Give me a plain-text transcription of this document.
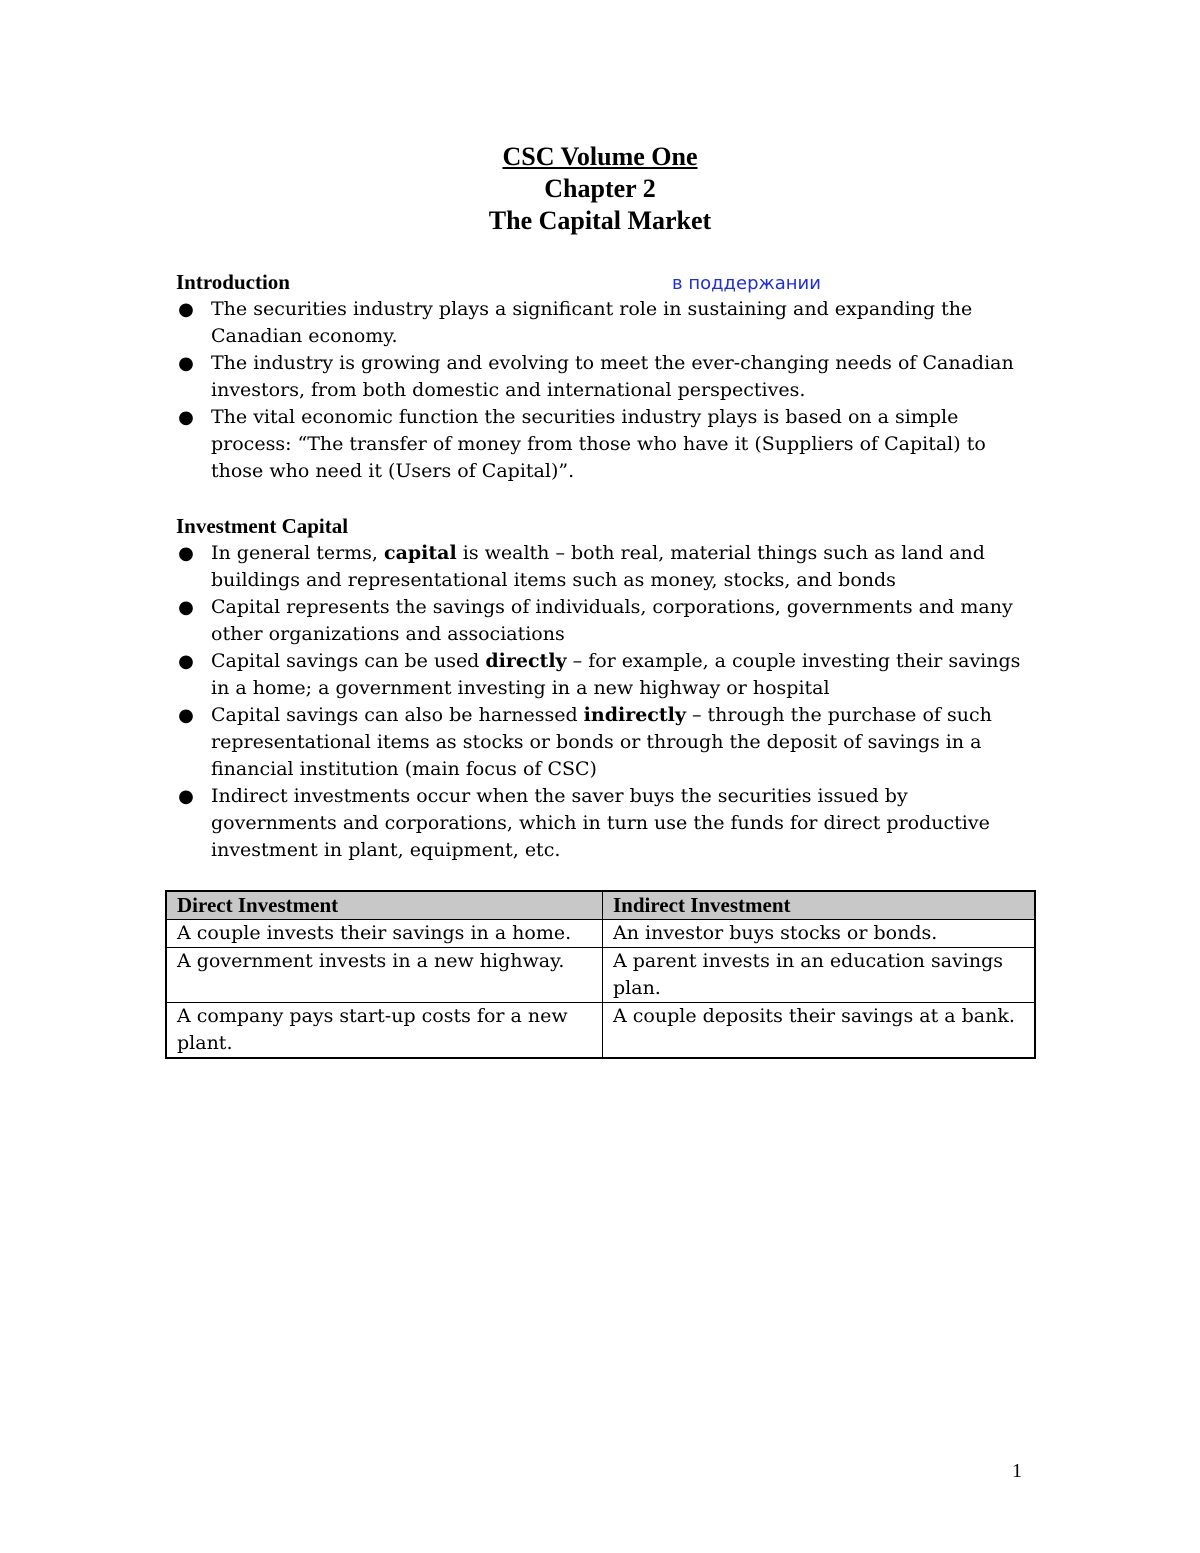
CSC Volume One
Chapter 2
The Capital Market
в поддержании
Introduction
● The securities industry plays a significant role in sustaining and expanding the Canadian economy.
● The industry is growing and evolving to meet the ever-changing needs of Canadian investors, from both domestic and international perspectives.
● The vital economic function the securities industry plays is based on a simple process: “The transfer of money from those who have it (Suppliers of Capital) to those who need it (Users of Capital)”.
Investment Capital
● In general terms, capital is wealth – both real, material things such as land and buildings and representational items such as money, stocks, and bonds
● Capital represents the savings of individuals, corporations, governments and many other organizations and associations
● Capital savings can be used directly – for example, a couple investing their savings in a home; a government investing in a new highway or hospital
● Capital savings can also be harnessed indirectly – through the purchase of such representational items as stocks or bonds or through the deposit of savings in a financial institution (main focus of CSC)
● Indirect investments occur when the saver buys the securities issued by governments and corporations, which in turn use the funds for direct productive investment in plant, equipment, etc.
Direct Investment	Indirect Investment
A couple invests their savings in a home.	An investor buys stocks or bonds.
A government invests in a new highway.	A parent invests in an education savings plan.
A company pays start-up costs for a new plant.	A couple deposits their savings at a bank.
1
